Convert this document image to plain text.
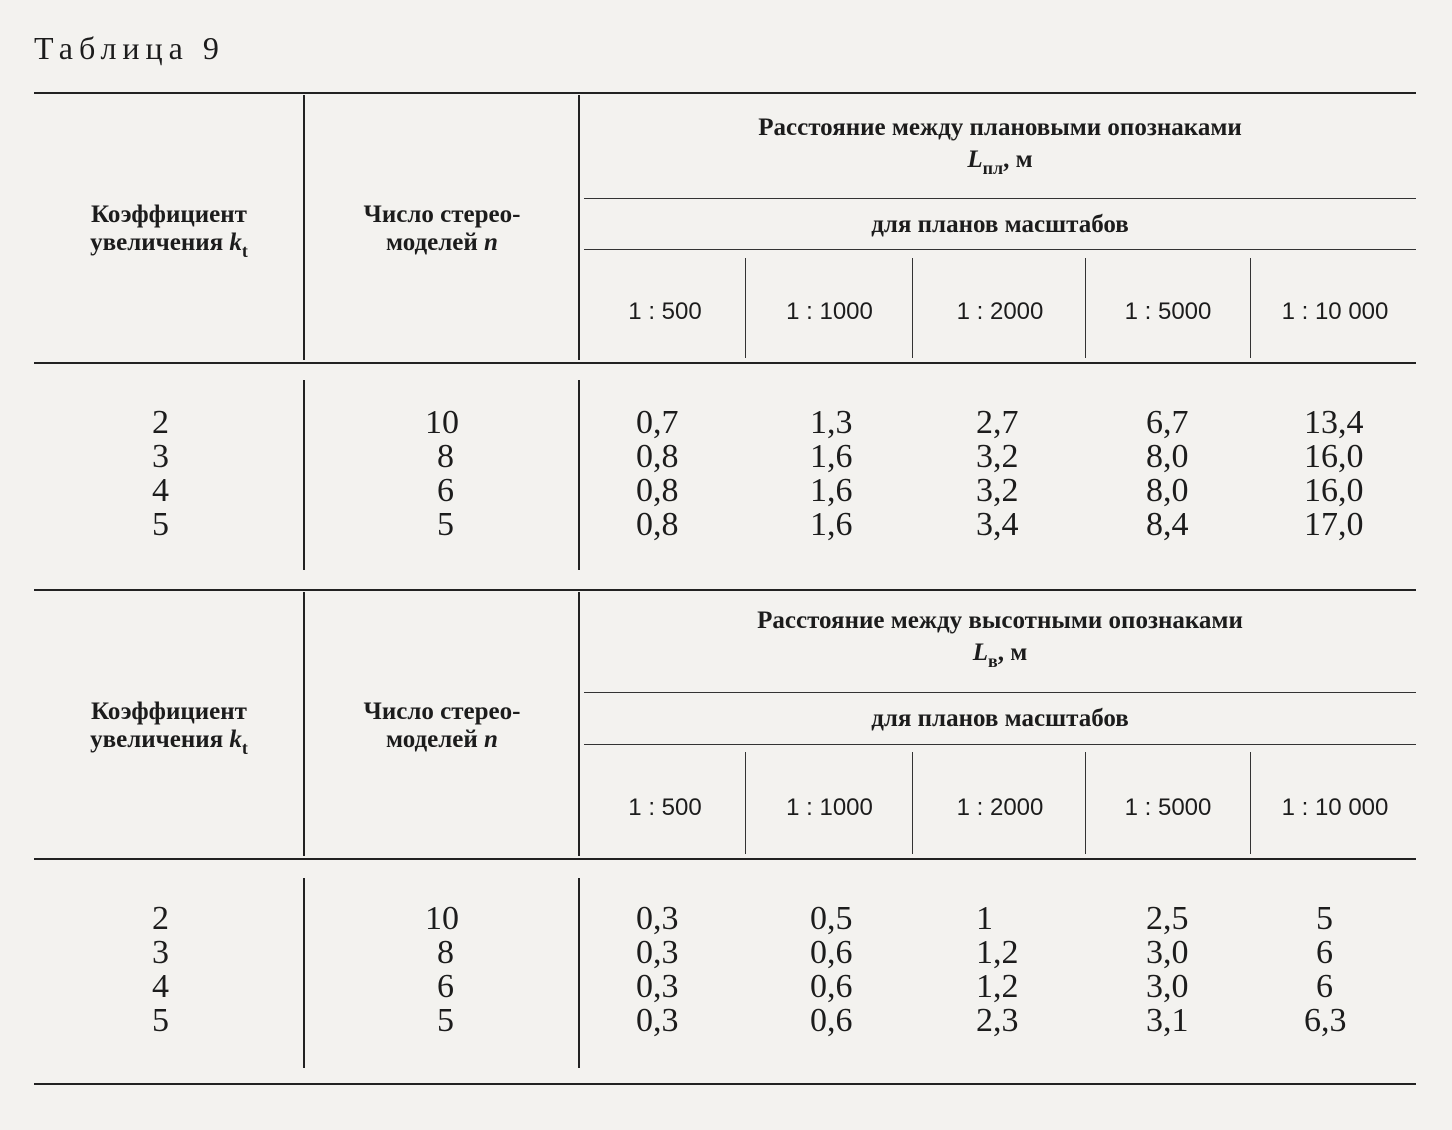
Таблица 9
Коэффициент
увеличения $k_t$
Число стерео-
моделей n
Расстояние между плановыми опознаками
$L_{пл}$, м
для планов масштабов
1 : 500	1 : 1000	1 : 2000	1 : 5000	1 : 10 000
2	10	0,7	1,3	2,7	6,7	13,4
3	8	0,8	1,6	3,2	8,0	16,0
4	6	0,8	1,6	3,2	8,0	16,0
5	5	0,8	1,6	3,4	8,4	17,0
Коэффициент
увеличения $k_t$
Число стерео-
моделей n
Расстояние между высотными опознаками
$L_в$, м
для планов масштабов
1 : 500	1 : 1000	1 : 2000	1 : 5000	1 : 10 000
2	10	0,3	0,5	1	2,5	5
3	8	0,3	0,6	1,2	3,0	6
4	6	0,3	0,6	1,2	3,0	6
5	5	0,3	0,6	2,3	3,1	6,3
